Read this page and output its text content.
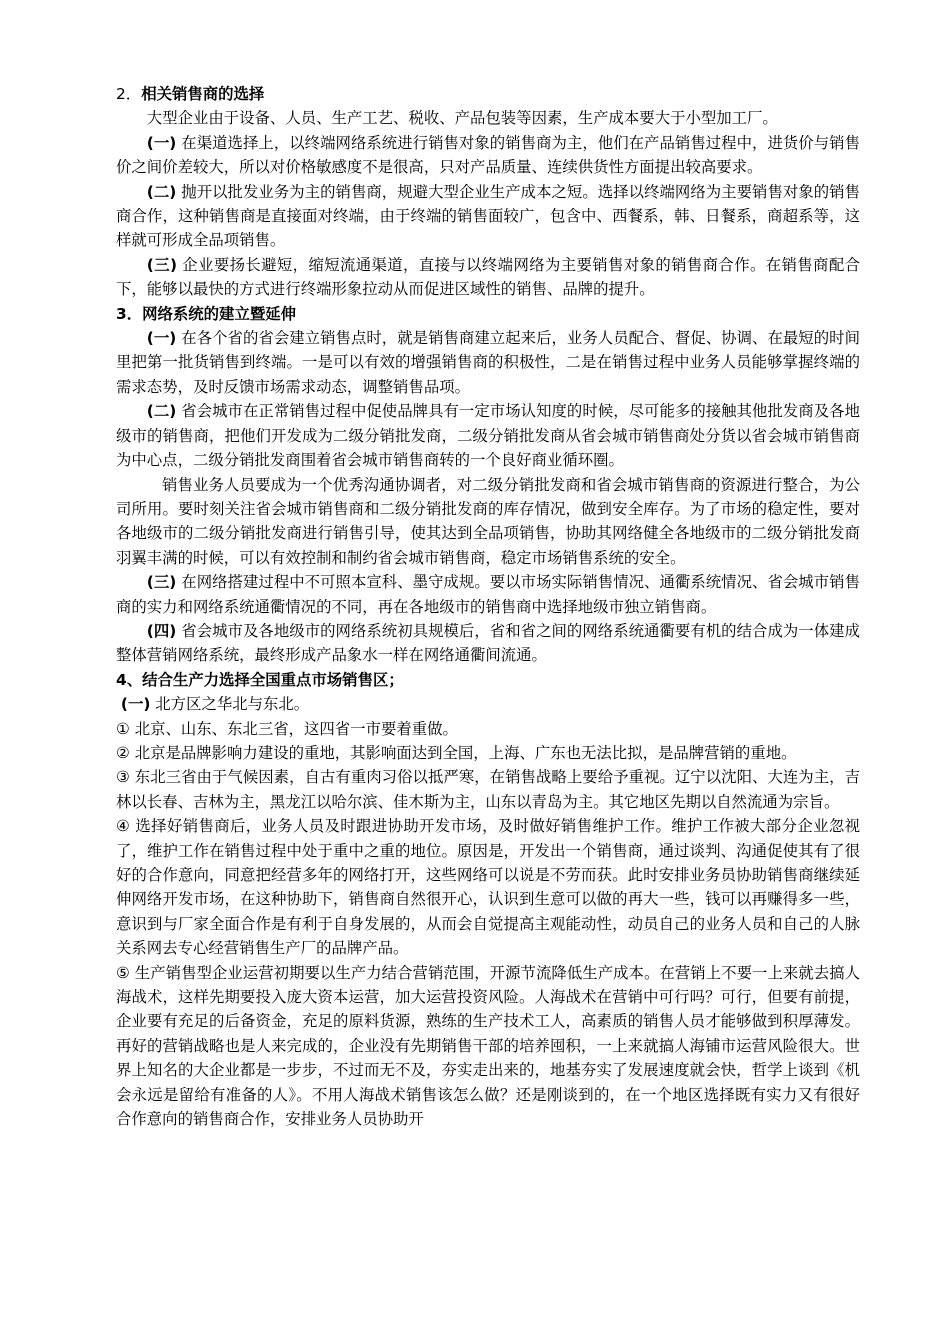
2．相关销售商的选择

大型企业由于设备、人员、生产工艺、税收、产品包装等因素，生产成本要大于小型加工厂。

(一) 在渠道选择上，以终端网络系统进行销售对象的销售商为主，他们在产品销售过程中，进货价与销售价之间价差较大，所以对价格敏感度不是很高，只对产品质量、连续供货性方面提出较高要求。

(二) 抛开以批发业务为主的销售商，规避大型企业生产成本之短。选择以终端网络为主要销售对象的销售商合作，这种销售商是直接面对终端，由于终端的销售面较广，包含中、西餐系，韩、日餐系，商超系等，这样就可形成全品项销售。

(三) 企业要扬长避短，缩短流通渠道，直接与以终端网络为主要销售对象的销售商合作。在销售商配合下，能够以最快的方式进行终端形象拉动从而促进区域性的销售、品牌的提升。

3．网络系统的建立暨延伸

(一) 在各个省的省会建立销售点时，就是销售商建立起来后，业务人员配合、督促、协调、在最短的时间里把第一批货销售到终端。一是可以有效的增强销售商的积极性，二是在销售过程中业务人员能够掌握终端的需求态势，及时反馈市场需求动态，调整销售品项。

(二) 省会城市在正常销售过程中促使品牌具有一定市场认知度的时候，尽可能多的接触其他批发商及各地级市的销售商，把他们开发成为二级分销批发商，二级分销批发商从省会城市销售商处分货以省会城市销售商为中心点，二级分销批发商围着省会城市销售商转的一个良好商业循环圈。

销售业务人员要成为一个优秀沟通协调者，对二级分销批发商和省会城市销售商的资源进行整合，为公司所用。要时刻关注省会城市销售商和二级分销批发商的库存情况，做到安全库存。为了市场的稳定性，要对各地级市的二级分销批发商进行销售引导，使其达到全品项销售，协助其网络健全各地级市的二级分销批发商羽翼丰满的时候，可以有效控制和制约省会城市销售商，稳定市场销售系统的安全。

(三) 在网络搭建过程中不可照本宣科、墨守成规。要以市场实际销售情况、通衢系统情况、省会城市销售商的实力和网络系统通衢情况的不同，再在各地级市的销售商中选择地级市独立销售商。

(四) 省会城市及各地级市的网络系统初具规模后，省和省之间的网络系统通衢要有机的结合成为一体建成整体营销网络系统，最终形成产品象水一样在网络通衢间流通。

4、结合生产力选择全国重点市场销售区；

(一) 北方区之华北与东北。

① 北京、山东、东北三省，这四省一市要着重做。

② 北京是品牌影响力建设的重地，其影响面达到全国，上海、广东也无法比拟，是品牌营销的重地。

③ 东北三省由于气候因素，自古有重肉习俗以抵严寒，在销售战略上要给予重视。辽宁以沈阳、大连为主，吉林以长春、吉林为主，黑龙江以哈尔滨、佳木斯为主，山东以青岛为主。其它地区先期以自然流通为宗旨。

④ 选择好销售商后，业务人员及时跟进协助开发市场，及时做好销售维护工作。维护工作被大部分企业忽视了，维护工作在销售过程中处于重中之重的地位。原因是，开发出一个销售商，通过谈判、沟通促使其有了很好的合作意向，同意把经营多年的网络打开，这些网络可以说是不劳而获。此时安排业务员协助销售商继续延伸网络开发市场，在这种协助下，销售商自然很开心，认识到生意可以做的再大一些，钱可以再赚得多一些，意识到与厂家全面合作是有利于自身发展的，从而会自觉提高主观能动性，动员自己的业务人员和自己的人脉关系网去专心经营销售生产厂的品牌产品。

⑤ 生产销售型企业运营初期要以生产力结合营销范围，开源节流降低生产成本。在营销上不要一上来就去搞人海战术，这样先期要投入庞大资本运营，加大运营投资风险。人海战术在营销中可行吗？可行，但要有前提，企业要有充足的后备资金，充足的原料货源，熟练的生产技术工人，高素质的销售人员才能够做到积厚薄发。再好的营销战略也是人来完成的，企业没有先期销售干部的培养囤积，一上来就搞人海铺市运营风险很大。世界上知名的大企业都是一步步，不过而无不及，夯实走出来的，地基夯实了发展速度就会快，哲学上谈到《机会永远是留给有准备的人》。不用人海战术销售该怎么做？还是刚谈到的，在一个地区选择既有实力又有很好合作意向的销售商合作，安排业务人员协助开
